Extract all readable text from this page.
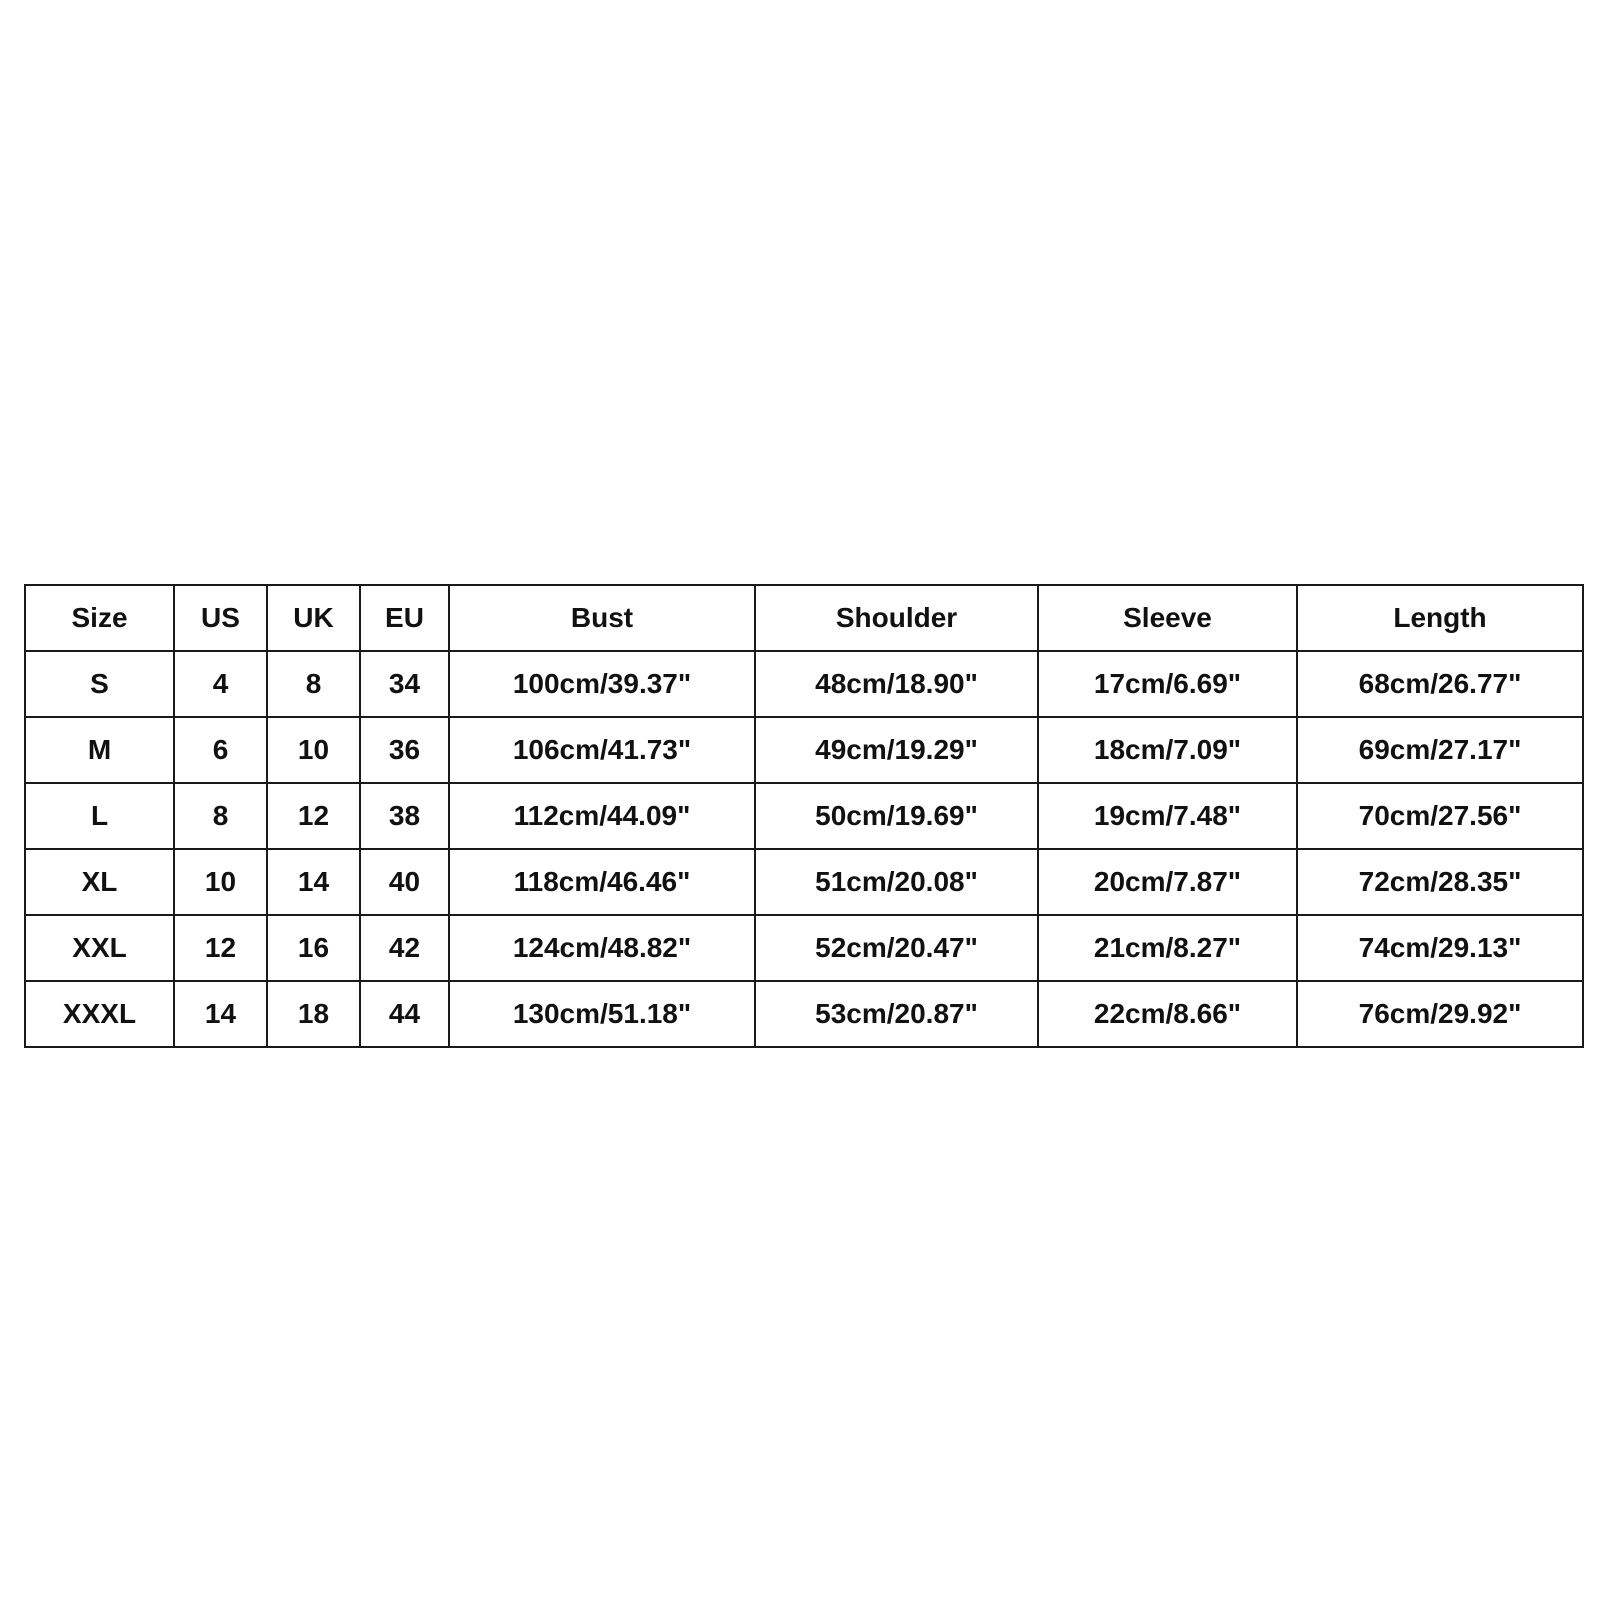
Size	US	UK	EU	Bust	Shoulder	Sleeve	Length
S	4	8	34	100cm/39.37"	48cm/18.90"	17cm/6.69"	68cm/26.77"
M	6	10	36	106cm/41.73"	49cm/19.29"	18cm/7.09"	69cm/27.17"
L	8	12	38	112cm/44.09"	50cm/19.69"	19cm/7.48"	70cm/27.56"
XL	10	14	40	118cm/46.46"	51cm/20.08"	20cm/7.87"	72cm/28.35"
XXL	12	16	42	124cm/48.82"	52cm/20.47"	21cm/8.27"	74cm/29.13"
XXXL	14	18	44	130cm/51.18"	53cm/20.87"	22cm/8.66"	76cm/29.92"
